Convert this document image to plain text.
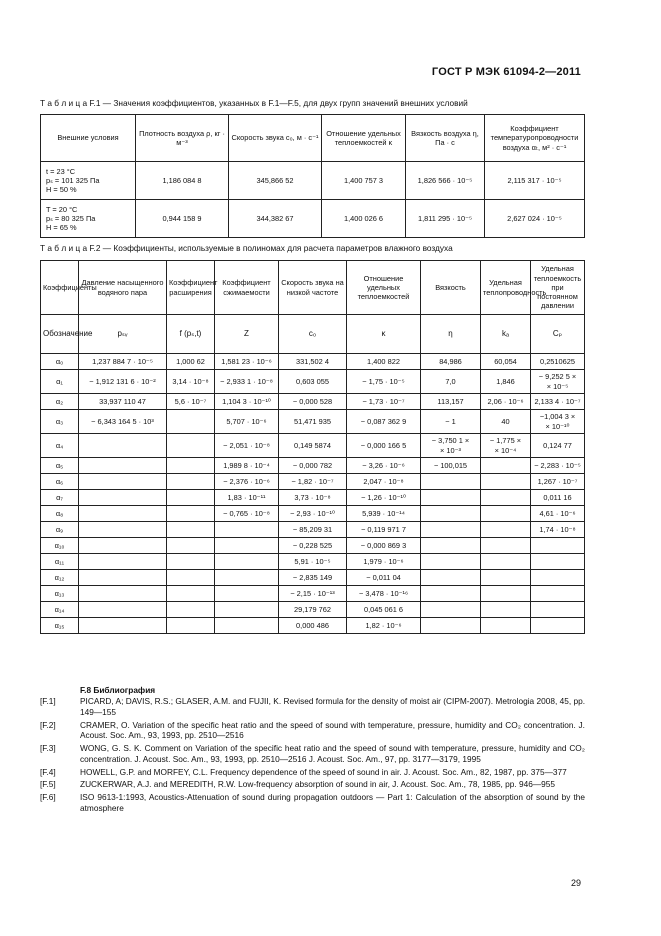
ГОСТ Р МЭК 61094-2—2011
Т а б л и ц а F.1 — Значения коэффициентов, указанных в F.1—F.5, для двух групп значений внешних условий
Внешние условия	Плотность воздуха ρ, кг · м⁻³	Скорость звука c₀, м · с⁻¹	Отношение удельных теплоемкостей κ	Вязкость воздуха η, Па · с	Коэффициент температуропроводности воздуха αₜ, м² · с⁻¹

t = 23 °C
pₛ = 101 325 Па
H = 50 %	1,186 084 8	345,866 52	1,400 757 3	1,826 566 · 10⁻⁵	2,115 317 · 10⁻⁵

T = 20 °C
pₛ = 80 325 Па
H = 65 %	0,944 158 9	344,382 67	1,400 026 6	1,811 295 · 10⁻⁵	2,627 024 · 10⁻⁵
Т а б л и ц а F.2 — Коэффициенты, используемые в полиномах для расчета параметров влажного воздуха
Коэффициенты	Давление насыщенного водяного пара	Коэффициент расширения	Коэффициент сжимаемости	Скорость звука на низкой частоте	Отношение удельных теплоемкостей	Вязкость	Удельная теплопроводность	Удельная теплоемкость при постоянном давлении
Обозначение	pₛᵥ	f (pₛ,t)	Z	c₀	κ	η	kₐ	Cₚ
α₀	1,237 884 7 · 10⁻⁵	1,000 62	1,581 23 · 10⁻⁶	331,502 4	1,400 822	84,986	60,054	0,2510625
α₁	− 1,912 131 6 · 10⁻²	3,14 · 10⁻⁸	− 2,933 1 · 10⁻⁸	0,603 055	− 1,75 · 10⁻⁵	7,0	1,846	− 9,252 5 ×
× 10⁻⁵
α₂	33,937 110 47	5,6 · 10⁻⁷	1,104 3 · 10⁻¹⁰	− 0,000 528	− 1,73 · 10⁻⁷	113,157	2,06 · 10⁻⁶	2,133 4 · 10⁻⁷
α₃	− 6,343 164 5 · 10³		5,707 · 10⁻⁶	51,471 935	− 0,087 362 9	− 1	40	−1,004 3 ×
× 10⁻¹⁰
α₄			− 2,051 · 10⁻⁸	0,149 5874	− 0,000 166 5	− 3,750 1 ×
× 10⁻³	− 1,775 ×
× 10⁻⁴	0,124 77
α₅			1,989 8 · 10⁻⁴	− 0,000 782	− 3,26 · 10⁻⁶	− 100,015		− 2,283 · 10⁻⁵
α₆			− 2,376 · 10⁻⁶	− 1,82 · 10⁻⁷	2,047 · 10⁻⁸			1,267 · 10⁻⁷
α₇			1,83 · 10⁻¹¹	3,73 · 10⁻⁸	− 1,26 · 10⁻¹⁰			0,011 16
α₈			− 0,765 · 10⁻⁸	− 2,93 · 10⁻¹⁰	5,939 · 10⁻¹⁴			4,61 · 10⁻⁶
α₉				− 85,209 31	− 0,119 971 7			1,74 · 10⁻⁸
α₁₀				− 0,228 525	− 0,000 869 3			
α₁₁				5,91 · 10⁻⁵	1,979 · 10⁻⁶			
α₁₂				− 2,835 149	− 0,011 04			
α₁₃				− 2,15 · 10⁻¹³	− 3,478 · 10⁻¹⁶			
α₁₄				29,179 762	0,045 061 6			
α₁₅				0,000 486	1,82 · 10⁻⁶			
F.8 Библиография
[F.1]	PICARD, A; DAVIS, R.S.; GLASER, A.M. and FUJII, K. Revised formula for the density of moist air (CIPM-2007). Metrologia 2008, 45, pp. 149—155
[F.2]	CRAMER, O. Variation of the specific heat ratio and the speed of sound with temperature, pressure, humidity and CO₂ concentration. J. Acoust. Soc. Am., 93, 1993, pp. 2510—2516
[F.3]	WONG, G. S. K. Comment on Variation of the specific heat ratio and the speed of sound with temperature, pressure, humidity and CO₂ concentration. J. Acoust. Soc. Am., 93, 1993, pp. 2510—2516 J. Acoust. Soc. Am., 97, pp. 3177—3179, 1995
[F.4]	HOWELL, G.P. and MORFEY, C.L. Frequency dependence of the speed of sound in air. J. Acoust. Soc. Am., 82, 1987, pp. 375—377
[F.5]	ZUCKERWAR, A.J. and MEREDITH, R.W. Low-frequency absorption of sound in air, J. Acoust. Soc. Am., 78, 1985, pp. 946—955
[F.6]	ISO 9613-1:1993, Acoustics-Attenuation of sound during propagation outdoors — Part 1: Calculation of the absorption of sound by the atmosphere
29
